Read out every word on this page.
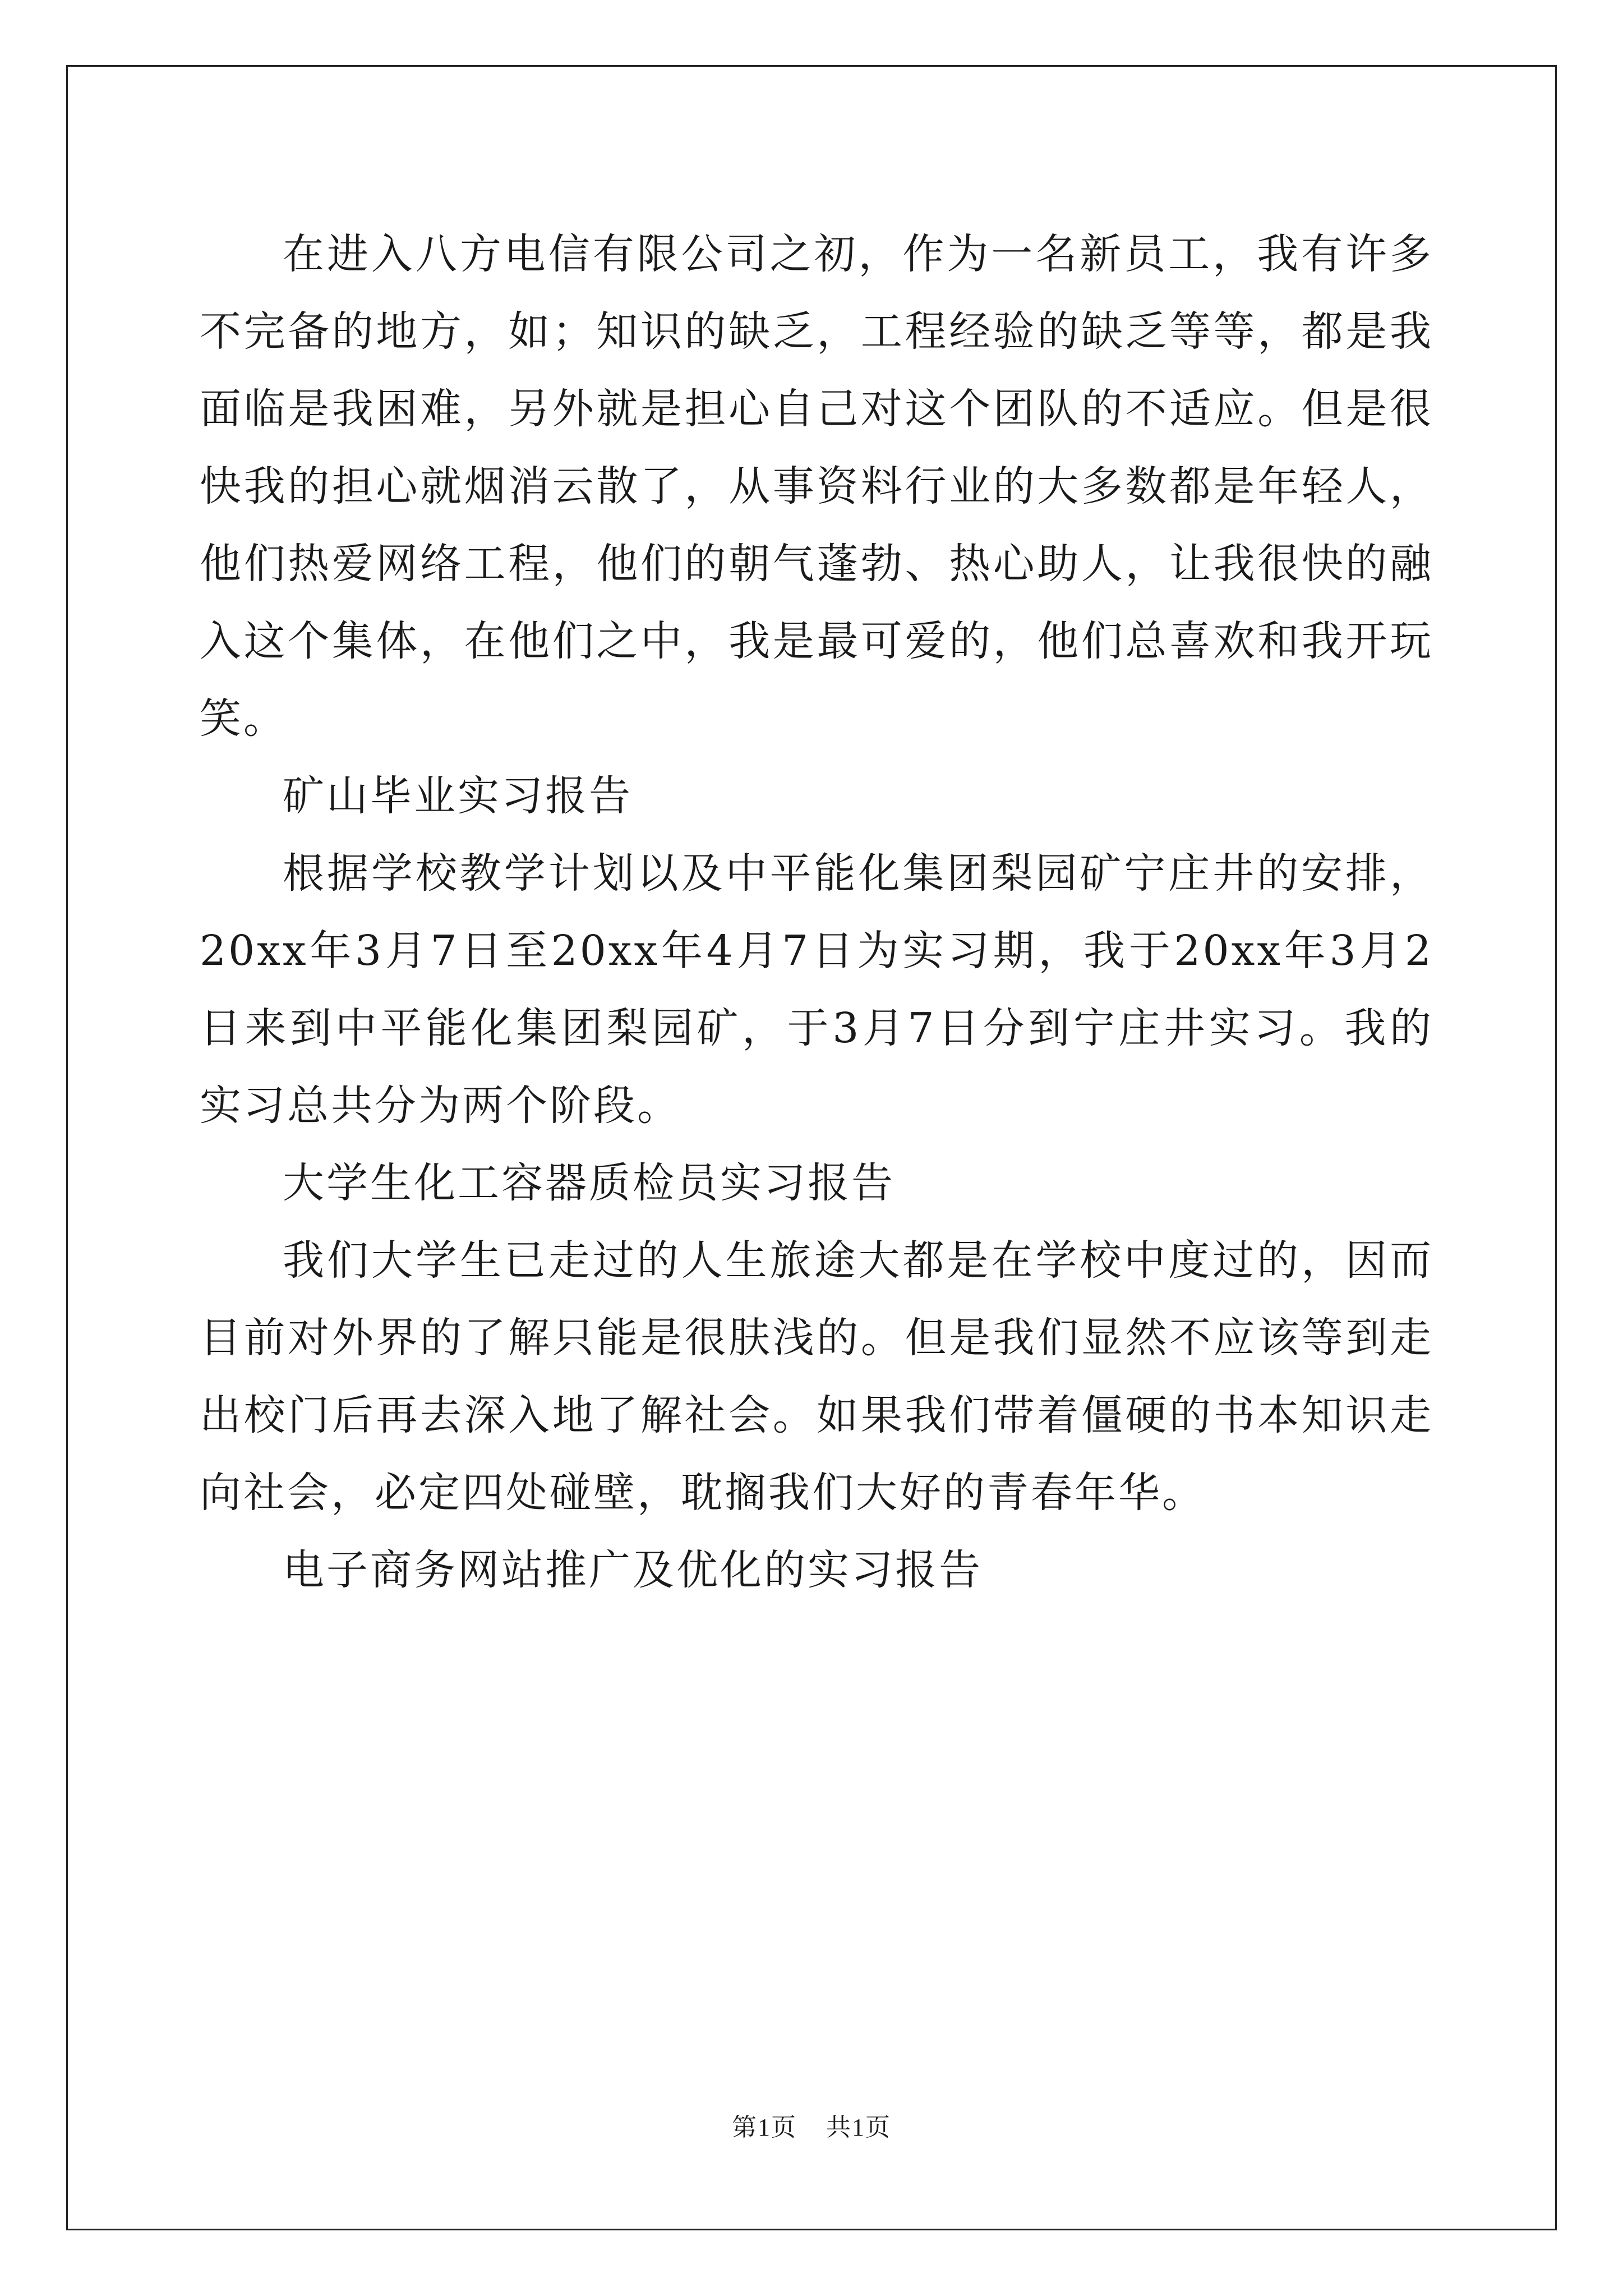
在进入八方电信有限公司之初，作为一名新员工，我有许多不完备的地方，如；知识的缺乏，工程经验的缺乏等等，都是我面临是我困难，另外就是担心自己对这个团队的不适应。但是很快我的担心就烟消云散了，从事资料行业的大多数都是年轻人，他们热爱网络工程，他们的朝气蓬勃、热心助人，让我很快的融入这个集体，在他们之中，我是最可爱的，他们总喜欢和我开玩笑。

矿山毕业实习报告

根据学校教学计划以及中平能化集团梨园矿宁庄井的安排，20xx年3月7日至20xx年4月7日为实习期，我于20xx年3月2日来到中平能化集团梨园矿，于3月7日分到宁庄井实习。我的实习总共分为两个阶段。

大学生化工容器质检员实习报告

我们大学生已走过的人生旅途大都是在学校中度过的，因而目前对外界的了解只能是很肤浅的。但是我们显然不应该等到走出校门后再去深入地了解社会。如果我们带着僵硬的书本知识走向社会，必定四处碰壁，耽搁我们大好的青春年华。

电子商务网站推广及优化的实习报告

第1页 共1页
